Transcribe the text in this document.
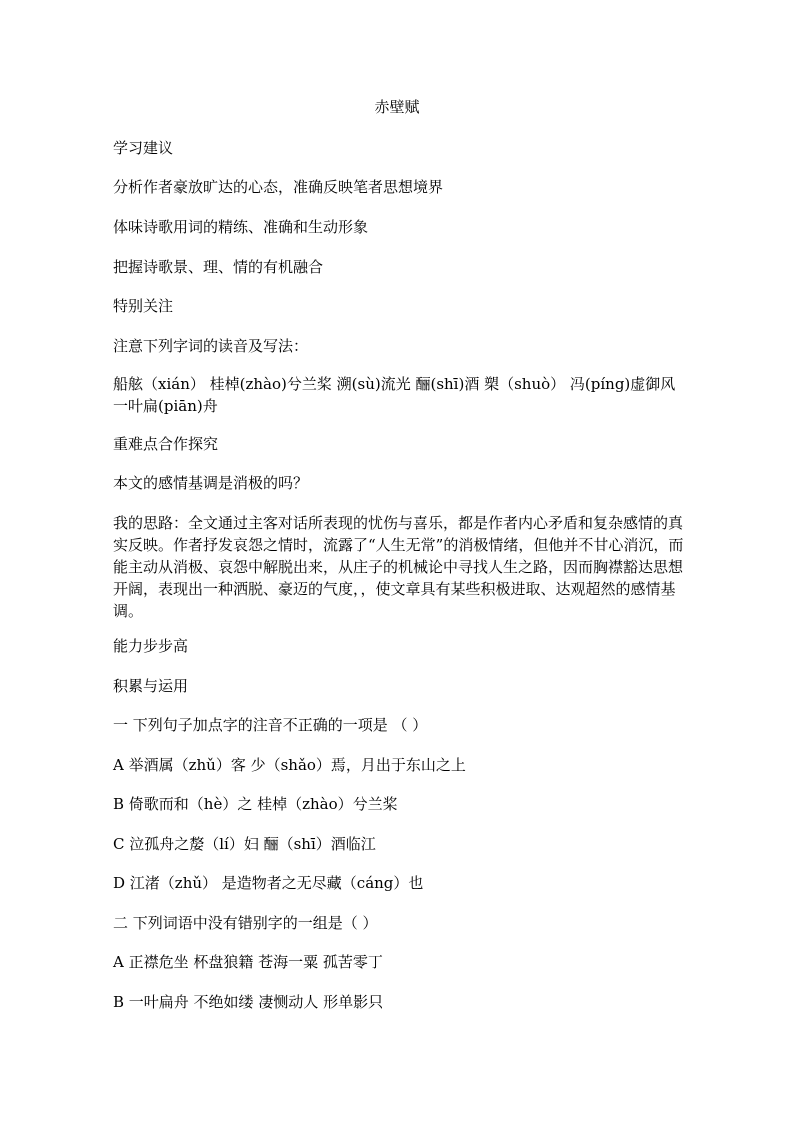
赤壁赋
学习建议
分析作者豪放旷达的心态，准确反映笔者思想境界
体味诗歌用词的精练、准确和生动形象
把握诗歌景、理、情的有机融合
特别关注
注意下列字词的读音及写法：
船舷（xián） 桂棹(zhào)兮兰桨 溯(sù)流光 酾(shī)酒 槊（shuò） 冯(píng)虚御风 一叶扁(piān)舟
重难点合作探究
本文的感情基调是消极的吗？
我的思路：全文通过主客对话所表现的忧伤与喜乐，都是作者内心矛盾和复杂感情的真实反映。作者抒发哀怨之情时，流露了“人生无常”的消极情绪，但他并不甘心消沉，而能主动从消极、哀怨中解脱出来，从庄子的机械论中寻找人生之路，因而胸襟豁达思想开阔，表现出一种洒脱、豪迈的气度，，使文章具有某些积极进取、达观超然的感情基调。
能力步步高
积累与运用
一 下列句子加点字的注音不正确的一项是 （ ）
A 举酒属（zhǔ）客 少（shǎo）焉，月出于东山之上
B 倚歌而和（hè）之 桂棹（zhào）兮兰桨
C 泣孤舟之嫠（lí）妇 酾（shī）酒临江
D 江渚（zhǔ） 是造物者之无尽藏（cáng）也
二 下列词语中没有错别字的一组是（ ）
A 正襟危坐 杯盘狼籍 苍海一粟 孤苦零丁
B 一叶扁舟 不绝如缕 凄恻动人 形单影只
